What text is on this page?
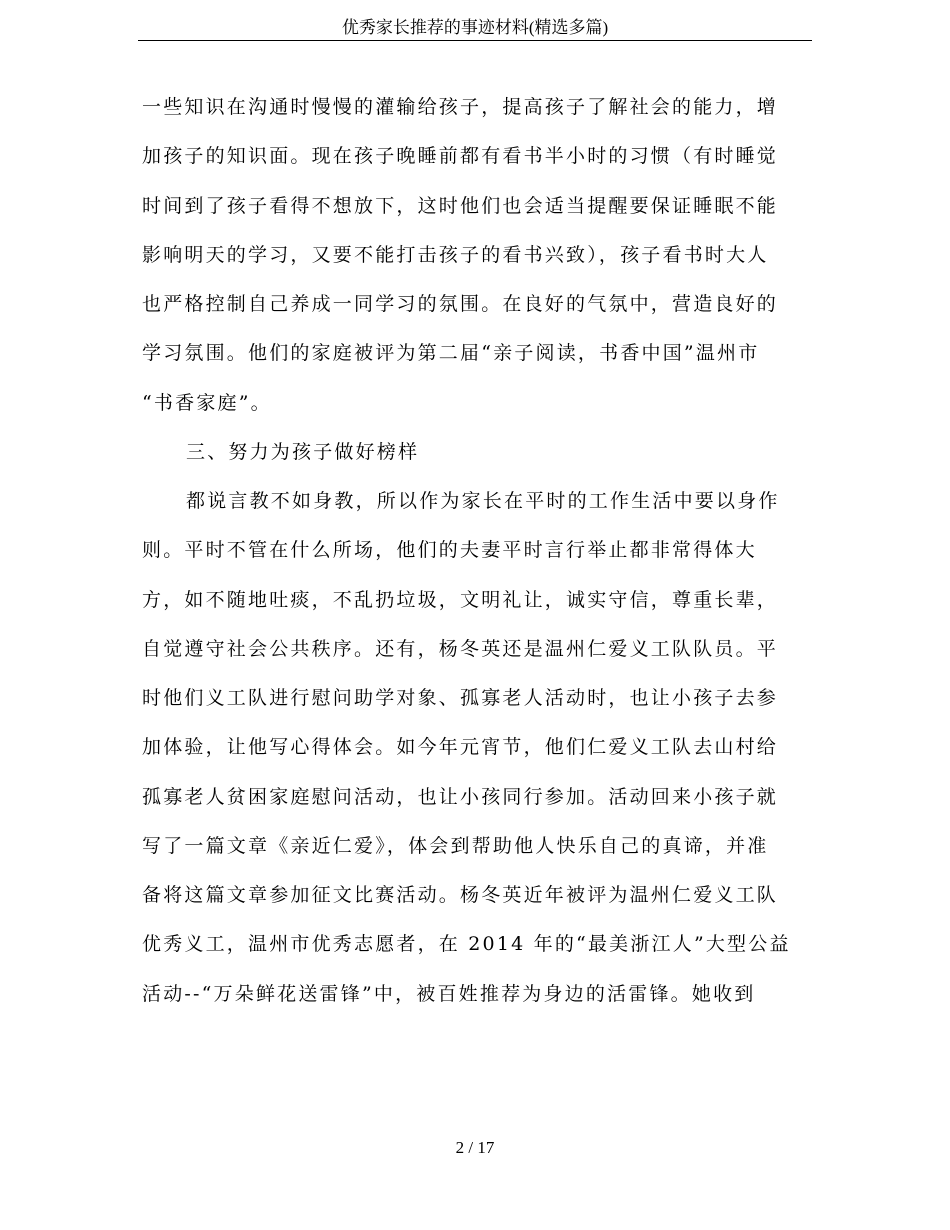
优秀家长推荐的事迹材料(精选多篇)
一些知识在沟通时慢慢的灌输给孩子，提高孩子了解社会的能力，增
加孩子的知识面。现在孩子晚睡前都有看书半小时的习惯（有时睡觉
时间到了孩子看得不想放下，这时他们也会适当提醒要保证睡眠不能
影响明天的学习，又要不能打击孩子的看书兴致），孩子看书时大人
也严格控制自己养成一同学习的氛围。在良好的气氛中，营造良好的
学习氛围。他们的家庭被评为第二届“亲子阅读，书香中国”温州市
“书香家庭”。
三、努力为孩子做好榜样
都说言教不如身教，所以作为家长在平时的工作生活中要以身作
则。平时不管在什么所场，他们的夫妻平时言行举止都非常得体大
方，如不随地吐痰，不乱扔垃圾，文明礼让，诚实守信，尊重长辈，
自觉遵守社会公共秩序。还有，杨冬英还是温州仁爱义工队队员。平
时他们义工队进行慰问助学对象、孤寡老人活动时，也让小孩子去参
加体验，让他写心得体会。如今年元宵节，他们仁爱义工队去山村给
孤寡老人贫困家庭慰问活动，也让小孩同行参加。活动回来小孩子就
写了一篇文章《亲近仁爱》，体会到帮助他人快乐自己的真谛，并准
备将这篇文章参加征文比赛活动。杨冬英近年被评为温州仁爱义工队
优秀义工，温州市优秀志愿者，在 2014 年的“最美浙江人”大型公益
活动--“万朵鲜花送雷锋”中，被百姓推荐为身边的活雷锋。她收到
2 / 17
